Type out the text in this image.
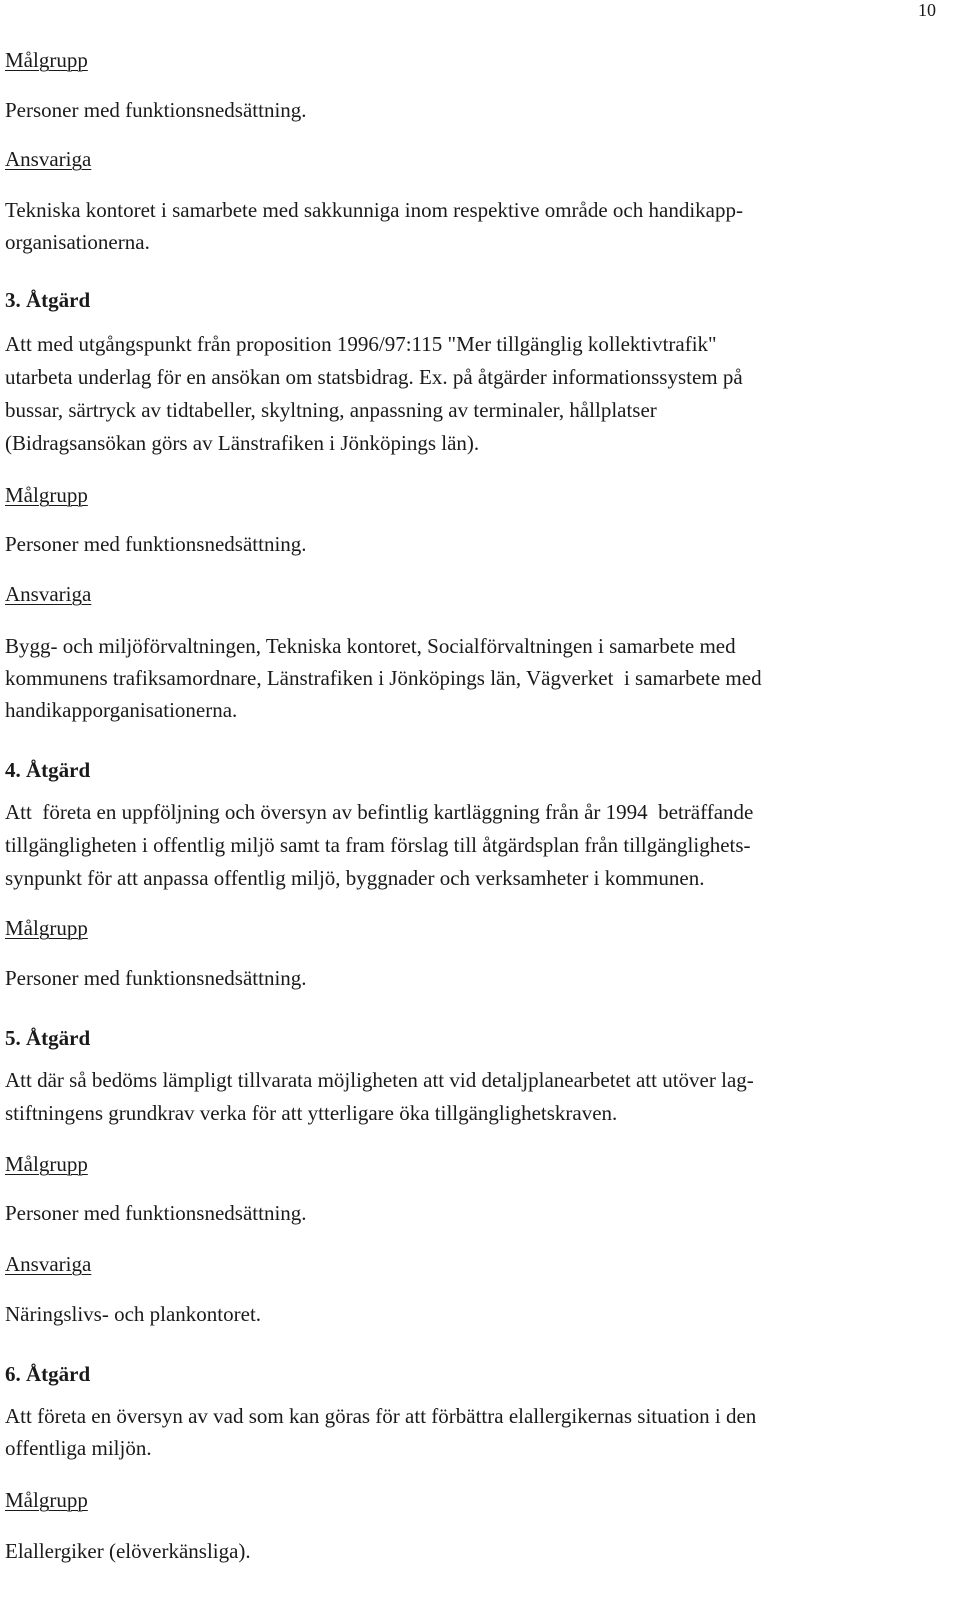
10
Målgrupp
Personer med funktionsnedsättning.
Ansvariga
Tekniska kontoret i samarbete med sakkunniga inom respektive område och handikapp-
organisationerna.
3. Åtgärd
Att med utgångspunkt från proposition 1996/97:115 "Mer tillgänglig kollektivtrafik"
utarbeta underlag för en ansökan om statsbidrag. Ex. på åtgärder informationssystem på
bussar, särtryck av tidtabeller, skyltning, anpassning av terminaler, hållplatser
(Bidragsansökan görs av Länstrafiken i Jönköpings län).
Målgrupp
Personer med funktionsnedsättning.
Ansvariga
Bygg- och miljöförvaltningen, Tekniska kontoret, Socialförvaltningen i samarbete med
kommunens trafiksamordnare, Länstrafiken i Jönköpings län, Vägverket  i samarbete med
handikapporganisationerna.
4. Åtgärd
Att  företa en uppföljning och översyn av befintlig kartläggning från år 1994  beträffande
tillgängligheten i offentlig miljö samt ta fram förslag till åtgärdsplan från tillgänglighets-
synpunkt för att anpassa offentlig miljö, byggnader och verksamheter i kommunen.
Målgrupp
Personer med funktionsnedsättning.
5. Åtgärd
Att där så bedöms lämpligt tillvarata möjligheten att vid detaljplanearbetet att utöver lag-
stiftningens grundkrav verka för att ytterligare öka tillgänglighetskraven.
Målgrupp
Personer med funktionsnedsättning.
Ansvariga
Näringslivs- och plankontoret.
6. Åtgärd
Att företa en översyn av vad som kan göras för att förbättra elallergikernas situation i den
offentliga miljön.
Målgrupp
Elallergiker (elöverkänsliga).
